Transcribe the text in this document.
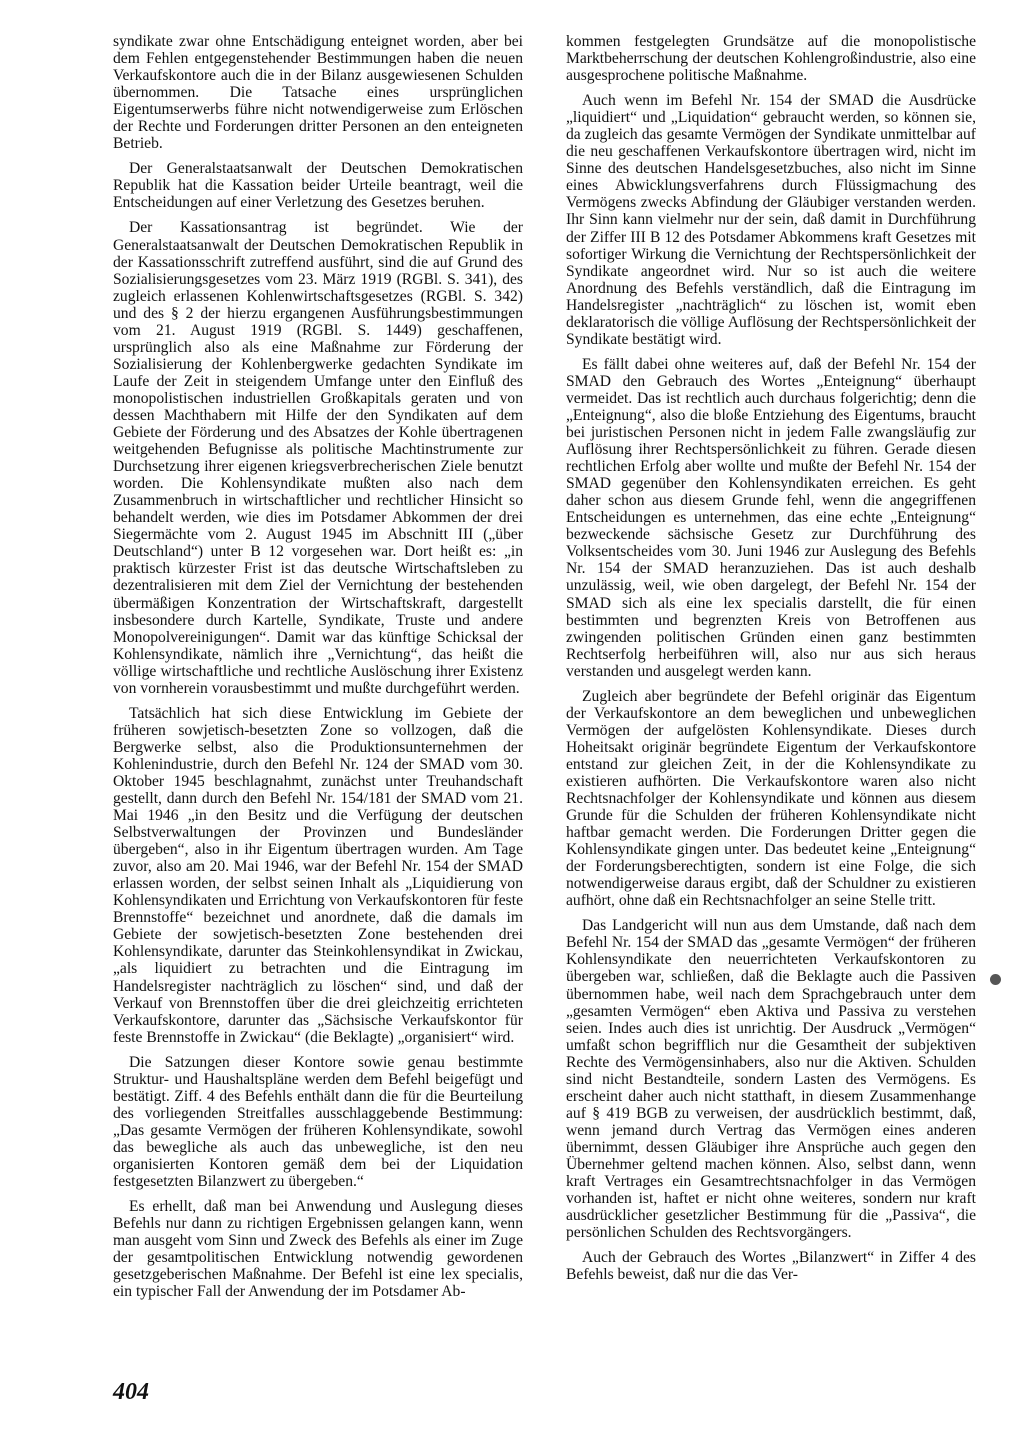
syndikate zwar ohne Entschädigung enteignet worden, aber bei dem Fehlen entgegenstehender Bestimmungen haben die neuen Verkaufskontore auch die in der Bilanz ausgewiesenen Schulden übernommen. Die Tatsache eines ursprünglichen Eigentumserwerbs führe nicht notwendigerweise zum Erlöschen der Rechte und Forderungen dritter Personen an den enteigneten Betrieb.

Der Generalstaatsanwalt der Deutschen Demokratischen Republik hat die Kassation beider Urteile beantragt, weil die Entscheidungen auf einer Verletzung des Gesetzes beruhen.

Der Kassationsantrag ist begründet. Wie der Generalstaatsanwalt der Deutschen Demokratischen Republik in der Kassationsschrift zutreffend ausführt, sind die auf Grund des Sozialisierungsgesetzes vom 23. März 1919 (RGBl. S. 341), des zugleich erlassenen Kohlenwirtschaftsgesetzes (RGBl. S. 342) und des § 2 der hierzu ergangenen Ausführungsbestimmungen vom 21. August 1919 (RGBl. S. 1449) geschaffenen, ursprünglich also als eine Maßnahme zur Förderung der Sozialisierung der Kohlenbergwerke gedachten Syndikate im Laufe der Zeit in steigendem Umfange unter den Einfluß des monopolistischen industriellen Großkapitals geraten und von dessen Machthabern mit Hilfe der den Syndikaten auf dem Gebiete der Förderung und des Absatzes der Kohle übertragenen weitgehenden Befugnisse als politische Machtinstrumente zur Durchsetzung ihrer eigenen kriegsverbrecherischen Ziele benutzt worden. Die Kohlensyndikate mußten also nach dem Zusammenbruch in wirtschaftlicher und rechtlicher Hinsicht so behandelt werden, wie dies im Potsdamer Abkommen der drei Siegermächte vom 2. August 1945 im Abschnitt III („über Deutschland“) unter B 12 vorgesehen war. Dort heißt es: „in praktisch kürzester Frist ist das deutsche Wirtschaftsleben zu dezentralisieren mit dem Ziel der Vernichtung der bestehenden übermäßigen Konzentration der Wirtschaftskraft, dargestellt insbesondere durch Kartelle, Syndikate, Truste und andere Monopolvereinigungen“. Damit war das künftige Schicksal der Kohlensyndikate, nämlich ihre „Vernichtung“, das heißt die völlige wirtschaftliche und rechtliche Auslöschung ihrer Existenz von vornherein vorausbestimmt und mußte durchgeführt werden.

Tatsächlich hat sich diese Entwicklung im Gebiete der früheren sowjetisch-besetzten Zone so vollzogen, daß die Bergwerke selbst, also die Produktionsunternehmen der Kohlenindustrie, durch den Befehl Nr. 124 der SMAD vom 30. Oktober 1945 beschlagnahmt, zunächst unter Treuhandschaft gestellt, dann durch den Befehl Nr. 154/181 der SMAD vom 21. Mai 1946 „in den Besitz und die Verfügung der deutschen Selbstverwaltungen der Provinzen und Bundesländer übergeben“, also in ihr Eigentum übertragen wurden. Am Tage zuvor, also am 20. Mai 1946, war der Befehl Nr. 154 der SMAD erlassen worden, der selbst seinen Inhalt als „Liquidierung von Kohlensyndikaten und Errichtung von Verkaufskontoren für feste Brennstoffe“ bezeichnet und anordnete, daß die damals im Gebiete der sowjetisch-besetzten Zone bestehenden drei Kohlensyndikate, darunter das Steinkohlensyndikat in Zwickau, „als liquidiert zu betrachten und die Eintragung im Handelsregister nachträglich zu löschen“ sind, und daß der Verkauf von Brennstoffen über die drei gleichzeitig errichteten Verkaufskontore, darunter das „Sächsische Verkaufskontor für feste Brennstoffe in Zwickau“ (die Beklagte) „organisiert“ wird.

Die Satzungen dieser Kontore sowie genau bestimmte Struktur- und Haushaltspläne werden dem Befehl beigefügt und bestätigt. Ziff. 4 des Befehls enthält dann die für die Beurteilung des vorliegenden Streitfalles ausschlaggebende Bestimmung: „Das gesamte Vermögen der früheren Kohlensyndikate, sowohl das bewegliche als auch das unbewegliche, ist den neu organisierten Kontoren gemäß dem bei der Liquidation festgesetzten Bilanzwert zu übergeben.“

Es erhellt, daß man bei Anwendung und Auslegung dieses Befehls nur dann zu richtigen Ergebnissen gelangen kann, wenn man ausgeht vom Sinn und Zweck des Befehls als einer im Zuge der gesamtpolitischen Entwicklung notwendig gewordenen gesetzgeberischen Maßnahme. Der Befehl ist eine lex specialis, ein typischer Fall der Anwendung der im Potsdamer Ab-

kommen festgelegten Grundsätze auf die monopolistische Marktbeherrschung der deutschen Kohlengroßindustrie, also eine ausgesprochene politische Maßnahme.

Auch wenn im Befehl Nr. 154 der SMAD die Ausdrücke „liquidiert“ und „Liquidation“ gebraucht werden, so können sie, da zugleich das gesamte Vermögen der Syndikate unmittelbar auf die neu geschaffenen Verkaufskontore übertragen wird, nicht im Sinne des deutschen Handelsgesetzbuches, also nicht im Sinne eines Abwicklungsverfahrens durch Flüssigmachung des Vermögens zwecks Abfindung der Gläubiger verstanden werden. Ihr Sinn kann vielmehr nur der sein, daß damit in Durchführung der Ziffer III B 12 des Potsdamer Abkommens kraft Gesetzes mit sofortiger Wirkung die Vernichtung der Rechtspersönlichkeit der Syndikate angeordnet wird. Nur so ist auch die weitere Anordnung des Befehls verständlich, daß die Eintragung im Handelsregister „nachträglich“ zu löschen ist, womit eben deklaratorisch die völlige Auflösung der Rechtspersönlichkeit der Syndikate bestätigt wird.

Es fällt dabei ohne weiteres auf, daß der Befehl Nr. 154 der SMAD den Gebrauch des Wortes „Enteignung“ überhaupt vermeidet. Das ist rechtlich auch durchaus folgerichtig; denn die „Enteignung“, also die bloße Entziehung des Eigentums, braucht bei juristischen Personen nicht in jedem Falle zwangsläufig zur Auflösung ihrer Rechtspersönlichkeit zu führen. Gerade diesen rechtlichen Erfolg aber wollte und mußte der Befehl Nr. 154 der SMAD gegenüber den Kohlensyndikaten erreichen. Es geht daher schon aus diesem Grunde fehl, wenn die angegriffenen Entscheidungen es unternehmen, das eine echte „Enteignung“ bezweckende sächsische Gesetz zur Durchführung des Volksentscheides vom 30. Juni 1946 zur Auslegung des Befehls Nr. 154 der SMAD heranzuziehen. Das ist auch deshalb unzulässig, weil, wie oben dargelegt, der Befehl Nr. 154 der SMAD sich als eine lex specialis darstellt, die für einen bestimmten und begrenzten Kreis von Betroffenen aus zwingenden politischen Gründen einen ganz bestimmten Rechtserfolg herbeiführen will, also nur aus sich heraus verstanden und ausgelegt werden kann.

Zugleich aber begründete der Befehl originär das Eigentum der Verkaufskontore an dem beweglichen und unbeweglichen Vermögen der aufgelösten Kohlensyndikate. Dieses durch Hoheitsakt originär begründete Eigentum der Verkaufskontore entstand zur gleichen Zeit, in der die Kohlensyndikate zu existieren aufhörten. Die Verkaufskontore waren also nicht Rechtsnachfolger der Kohlensyndikate und können aus diesem Grunde für die Schulden der früheren Kohlensyndikate nicht haftbar gemacht werden. Die Forderungen Dritter gegen die Kohlensyndikate gingen unter. Das bedeutet keine „Enteignung“ der Forderungsberechtigten, sondern ist eine Folge, die sich notwendigerweise daraus ergibt, daß der Schuldner zu existieren aufhört, ohne daß ein Rechtsnachfolger an seine Stelle tritt.

Das Landgericht will nun aus dem Umstande, daß nach dem Befehl Nr. 154 der SMAD das „gesamte Vermögen“ der früheren Kohlensyndikate den neuerrichteten Verkaufskontoren zu übergeben war, schließen, daß die Beklagte auch die Passiven übernommen habe, weil nach dem Sprachgebrauch unter dem „gesamten Vermögen“ eben Aktiva und Passiva zu verstehen seien. Indes auch dies ist unrichtig. Der Ausdruck „Vermögen“ umfaßt schon begrifflich nur die Gesamtheit der subjektiven Rechte des Vermögensinhabers, also nur die Aktiven. Schulden sind nicht Bestandteile, sondern Lasten des Vermögens. Es erscheint daher auch nicht statthaft, in diesem Zusammenhange auf § 419 BGB zu verweisen, der ausdrücklich bestimmt, daß, wenn jemand durch Vertrag das Vermögen eines anderen übernimmt, dessen Gläubiger ihre Ansprüche auch gegen den Übernehmer geltend machen können. Also, selbst dann, wenn kraft Vertrages ein Gesamtrechtsnachfolger in das Vermögen vorhanden ist, haftet er nicht ohne weiteres, sondern nur kraft ausdrücklicher gesetzlicher Bestimmung für die „Passiva“, die persönlichen Schulden des Rechtsvorgängers.

Auch der Gebrauch des Wortes „Bilanzwert“ in Ziffer 4 des Befehls beweist, daß nur die das Ver-

404
